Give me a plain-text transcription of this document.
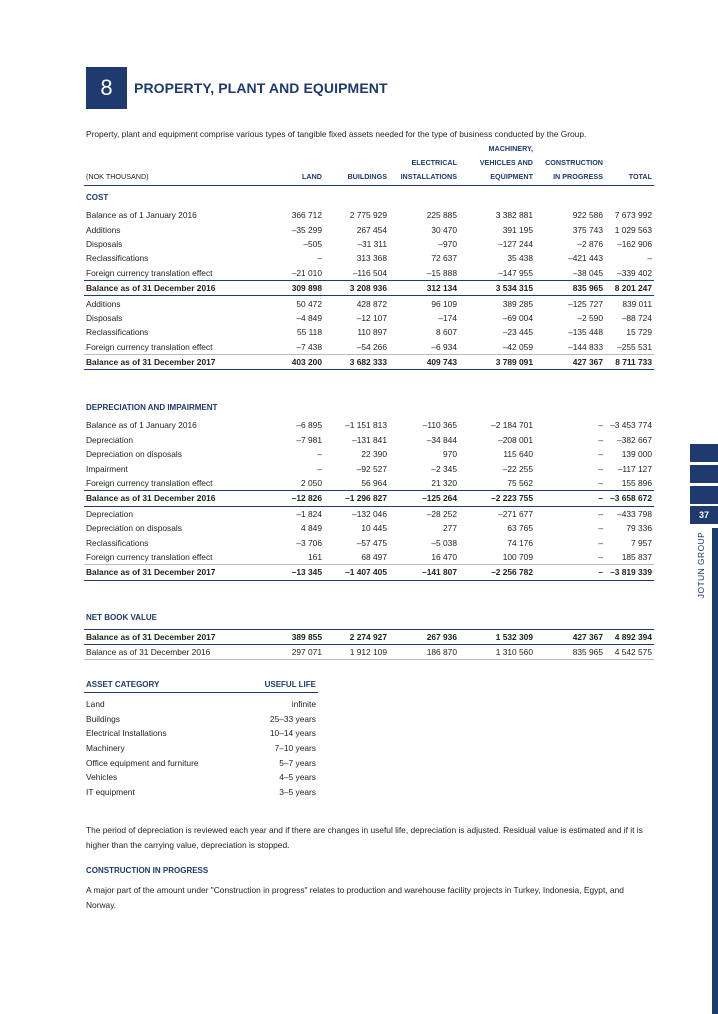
8 PROPERTY, PLANT AND EQUIPMENT
Property, plant and equipment comprise various types of tangible fixed assets needed for the type of business conducted by the Group.
(NOK THOUSAND)	LAND	BUILDINGS	ELECTRICAL INSTALLATIONS	MACHINERY, VEHICLES AND EQUIPMENT	CONSTRUCTION IN PROGRESS	TOTAL
COST						
Balance as of 1 January 2016	366 712	2 775 929	225 885	3 382 881	922 586	7 673 992
Additions	–35 299	267 454	30 470	391 195	375 743	1 029 563
Disposals	–505	–31 311	–970	–127 244	–2 876	–162 906
Reclassifications	–	313 368	72 637	35 438	–421 443	–
Foreign currency translation effect	–21 010	–116 504	–15 888	–147 955	–38 045	–339 402
Balance as of 31 December 2016	309 898	3 208 936	312 134	3 534 315	835 965	8 201 247
Additions	50 472	428 872	96 109	389 285	–125 727	839 011
Disposals	–4 849	–12 107	–174	–69 004	–2 590	–88 724
Reclassifications	55 118	110 897	8 607	–23 445	–135 448	15 729
Foreign currency translation effect	–7 438	–54 266	–6 934	–42 059	–144 833	–255 531
Balance as of 31 December 2017	403 200	3 682 333	409 743	3 789 091	427 367	8 711 733

DEPRECIATION AND IMPAIRMENT						
Balance as of 1 January 2016	–6 895	–1 151 813	–110 365	–2 184 701	–	–3 453 774
Depreciation	–7 981	–131 841	–34 844	–208 001	–	–382 667
Depreciation on disposals	–	22 390	970	115 640	–	139 000
Impairment	–	–92 527	–2 345	–22 255	–	–117 127
Foreign currency translation effect	2 050	56 964	21 320	75 562	–	155 896
Balance as of 31 December 2016	–12 826	–1 296 827	–125 264	–2 223 755	–	–3 658 672
Depreciation	–1 824	–132 046	–28 252	–271 677	–	–433 798
Depreciation on disposals	4 849	10 445	277	63 765	–	79 336
Reclassifications	–3 706	–57 475	–5 038	74 176	–	7 957
Foreign currency translation effect	161	68 497	16 470	100 709	–	185 837
Balance as of 31 December 2017	–13 345	–1 407 405	–141 807	–2 256 782	–	–3 819 339

NET BOOK VALUE						
Balance as of 31 December 2017	389 855	2 274 927	267 936	1 532 309	427 367	4 892 394
Balance as of 31 December 2016	297 071	1 912 109	186 870	1 310 560	835 965	4 542 575
ASSET CATEGORY	USEFUL LIFE
Land	infinite
Buildings	25–33 years
Electrical Installations	10–14 years
Machinery	7–10 years
Office equipment and furniture	5–7 years
Vehicles	4–5 years
IT equipment	3–5 years
The period of depreciation is reviewed each year and if there are changes in useful life, depreciation is adjusted. Residual value is estimated and if it is higher than the carrying value, depreciation is stopped.
CONSTRUCTION IN PROGRESS
A major part of the amount under "Construction in progress" relates to production and warehouse facility projects in Turkey, Indonesia, Egypt, and Norway.
37
JOTUN GROUP
